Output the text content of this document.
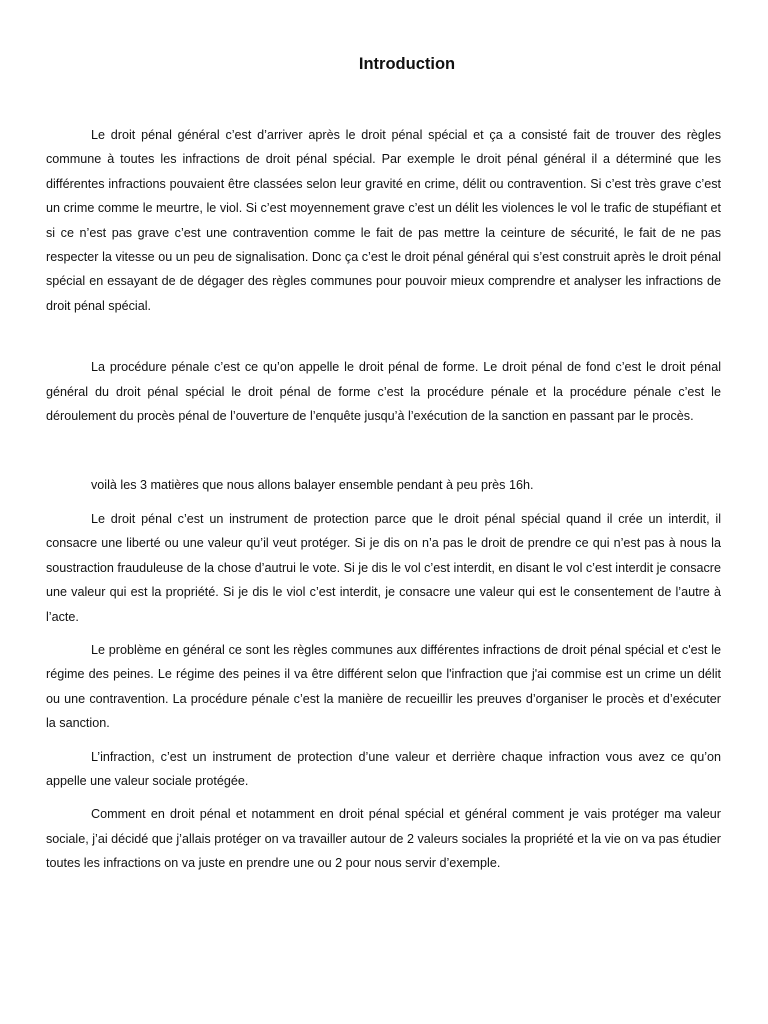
Introduction

Le droit pénal général c’est d’arriver après le droit pénal spécial et ça a consisté fait de trouver des règles commune à toutes les infractions de droit pénal spécial. Par exemple le droit pénal général il a déterminé que les différentes infractions pouvaient être classées selon leur gravité en crime, délit ou contravention. Si c’est très grave c’est un crime comme le meurtre, le viol. Si c’est moyennement grave c’est un délit les violences le vol le trafic de stupéfiant et si ce n’est pas grave c’est une contravention comme le fait de pas mettre la ceinture de sécurité, le fait de ne pas respecter la vitesse ou un peu de signalisation. Donc ça c’est le droit pénal général qui s’est construit après le droit pénal spécial en essayant de de dégager des règles communes pour pouvoir mieux comprendre et analyser les infractions de droit pénal spécial.

La procédure pénale c’est ce qu’on appelle le droit pénal de forme. Le droit pénal de fond c’est le droit pénal général du droit pénal spécial le droit pénal de forme c’est la procédure pénale et la procédure pénale c’est le déroulement du procès pénal de l’ouverture de l’enquête jusqu’à l’exécution de la sanction en passant par le procès.

voilà les 3 matières que nous allons balayer ensemble pendant à peu près 16h.

Le droit pénal c’est un instrument de protection parce que le droit pénal spécial quand il crée un interdit, il consacre une liberté ou une valeur qu’il veut protéger. Si je dis on n’a pas le droit de prendre ce qui n’est pas à nous la soustraction frauduleuse de la chose d’autrui le vote. Si je dis le vol c’est interdit, en disant le vol c’est interdit je consacre une valeur qui est la propriété. Si je dis le viol c’est interdit, je consacre une valeur qui est le consentement de l’autre à l’acte.

Le problème en général ce sont les règles communes aux différentes infractions de droit pénal spécial et c'est le régime des peines. Le régime des peines il va être différent selon que l'infraction que j'ai commise est un crime un délit ou une contravention. La procédure pénale c’est la manière de recueillir les preuves d’organiser le procès et d’exécuter la sanction.

L’infraction, c’est un instrument de protection d’une valeur et derrière chaque infraction vous avez ce qu’on appelle une valeur sociale protégée.

Comment en droit pénal et notamment en droit pénal spécial et général comment je vais protéger ma valeur sociale, j’ai décidé que j’allais protéger on va travailler autour de 2 valeurs sociales la propriété et la vie on va pas étudier toutes les infractions on va juste en prendre une ou 2 pour nous servir d’exemple.
